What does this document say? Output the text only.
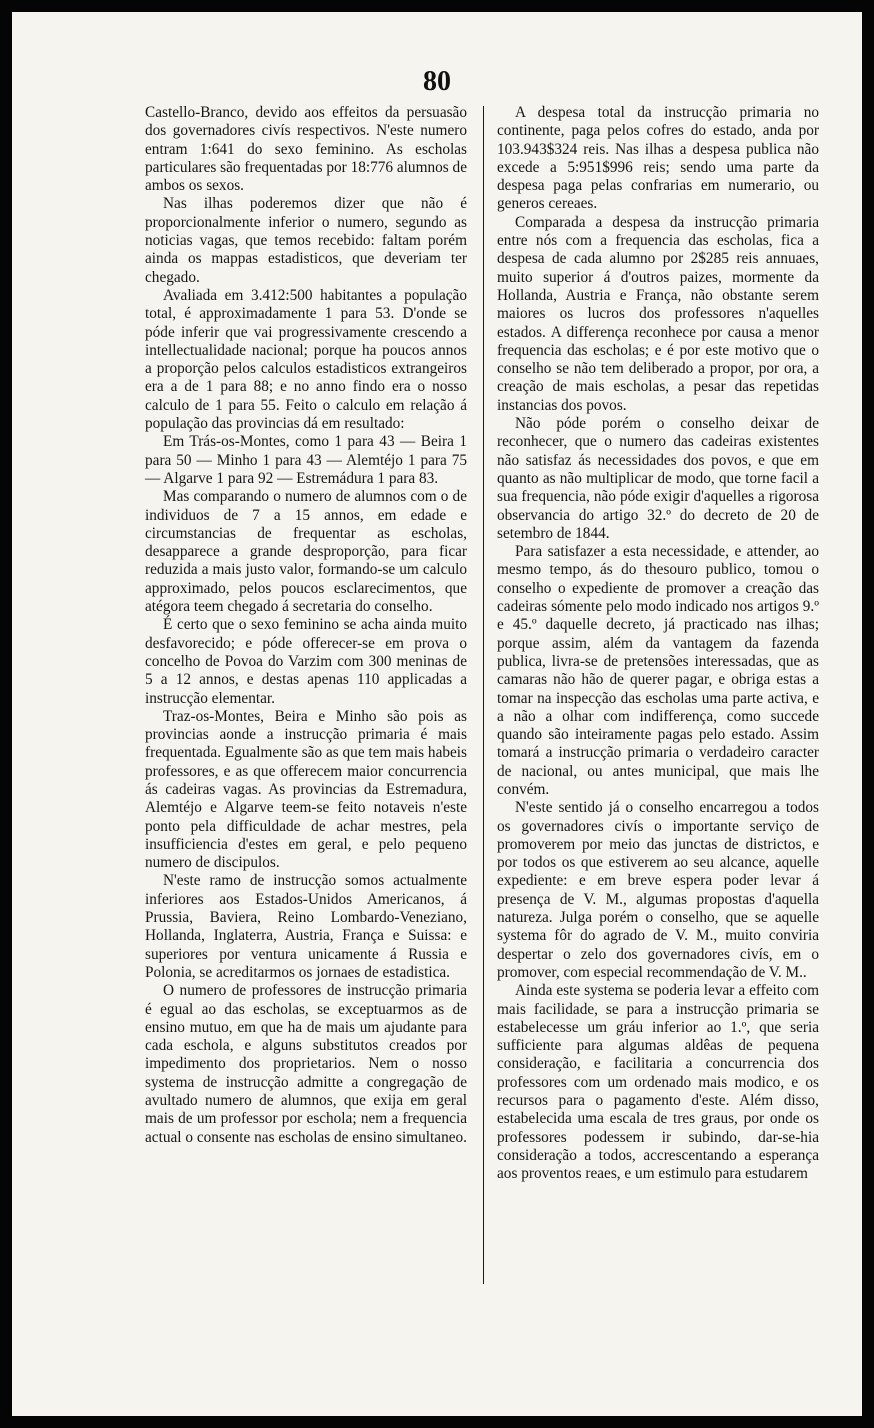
80

Castello-Branco, devido aos effeitos da persuasão dos governadores civís respectivos. N'este numero entram 1:641 do sexo feminino. As escholas particulares são frequentadas por 18:776 alumnos de ambos os sexos.

Nas ilhas poderemos dizer que não é proporcionalmente inferior o numero, segundo as noticias vagas, que temos recebido: faltam porém ainda os mappas estadisticos, que deveriam ter chegado.

Avaliada em 3.412:500 habitantes a população total, é approximadamente 1 para 53. D'onde se póde inferir que vai progressivamente crescendo a intellectualidade nacional; porque ha poucos annos a proporção pelos calculos estadisticos extrangeiros era a de 1 para 88; e no anno findo era o nosso calculo de 1 para 55. Feito o calculo em relação á população das provincias dá em resultado:

Em Trás-os-Montes, como 1 para 43 — Beira 1 para 50 — Minho 1 para 43 — Alemtéjo 1 para 75 — Algarve 1 para 92 — Estremádura 1 para 83.

Mas comparando o numero de alumnos com o de individuos de 7 a 15 annos, em edade e circumstancias de frequentar as escholas, desapparece a grande desproporção, para ficar reduzida a mais justo valor, formando-se um calculo approximado, pelos poucos esclarecimentos, que atégora teem chegado á secretaria do conselho.

É certo que o sexo feminino se acha ainda muito desfavorecido; e póde offerecer-se em prova o concelho de Povoa do Varzim com 300 meninas de 5 a 12 annos, e destas apenas 110 applicadas a instrucção elementar.

Traz-os-Montes, Beira e Minho são pois as provincias aonde a instrucção primaria é mais frequentada. Egualmente são as que tem mais habeis professores, e as que offerecem maior concurrencia ás cadeiras vagas. As provincias da Estremadura, Alemtéjo e Algarve teem-se feito notaveis n'este ponto pela difficuldade de achar mestres, pela insufficiencia d'estes em geral, e pelo pequeno numero de discipulos.

N'este ramo de instrucção somos actualmente inferiores aos Estados-Unidos Americanos, á Prussia, Baviera, Reino Lombardo-Veneziano, Hollanda, Inglaterra, Austria, França e Suissa: e superiores por ventura unicamente á Russia e Polonia, se acreditarmos os jornaes de estadistica.

O numero de professores de instrucção primaria é egual ao das escholas, se exceptuarmos as de ensino mutuo, em que ha de mais um ajudante para cada eschola, e alguns substitutos creados por impedimento dos proprietarios. Nem o nosso systema de instrucção admitte a congregação de avultado numero de alumnos, que exija em geral mais de um professor por eschola; nem a frequencia actual o consente nas escholas de ensino simultaneo.

A despesa total da instrucção primaria no continente, paga pelos cofres do estado, anda por 103.943$324 reis. Nas ilhas a despesa publica não excede a 5:951$996 reis; sendo uma parte da despesa paga pelas confrarias em numerario, ou generos cereaes.

Comparada a despesa da instrucção primaria entre nós com a frequencia das escholas, fica a despesa de cada alumno por 2$285 reis annuaes, muito superior á d'outros paizes, mormente da Hollanda, Austria e França, não obstante serem maiores os lucros dos professores n'aquelles estados. A differença reconhece por causa a menor frequencia das escholas; e é por este motivo que o conselho se não tem deliberado a propor, por ora, a creação de mais escholas, a pesar das repetidas instancias dos povos.

Não póde porém o conselho deixar de reconhecer, que o numero das cadeiras existentes não satisfaz ás necessidades dos povos, e que em quanto as não multiplicar de modo, que torne facil a sua frequencia, não póde exigir d'aquelles a rigorosa observancia do artigo 32.º do decreto de 20 de setembro de 1844.

Para satisfazer a esta necessidade, e attender, ao mesmo tempo, ás do thesouro publico, tomou o conselho o expediente de promover a creação das cadeiras sómente pelo modo indicado nos artigos 9.º e 45.º daquelle decreto, já practicado nas ilhas; porque assim, além da vantagem da fazenda publica, livra-se de pretensões interessadas, que as camaras não hão de querer pagar, e obriga estas a tomar na inspecção das escholas uma parte activa, e a não a olhar com indifferença, como succede quando são inteiramente pagas pelo estado. Assim tomará a instrucção primaria o verdadeiro caracter de nacional, ou antes municipal, que mais lhe convém.

N'este sentido já o conselho encarregou a todos os governadores civís o importante serviço de promoverem por meio das junctas de districtos, e por todos os que estiverem ao seu alcance, aquelle expediente: e em breve espera poder levar á presença de V. M., algumas propostas d'aquella natureza. Julga porém o conselho, que se aquelle systema fôr do agrado de V. M., muito conviria despertar o zelo dos governadores civís, em o promover, com especial recommendação de V. M..

Ainda este systema se poderia levar a effeito com mais facilidade, se para a instrucção primaria se estabelecesse um gráu inferior ao 1.º, que seria sufficiente para algumas aldêas de pequena consideração, e facilitaria a concurrencia dos professores com um ordenado mais modico, e os recursos para o pagamento d'este. Além disso, estabelecida uma escala de tres graus, por onde os professores podessem ir subindo, dar-se-hia consideração a todos, accrescentando a esperança aos proventos reaes, e um estimulo para estudarem
